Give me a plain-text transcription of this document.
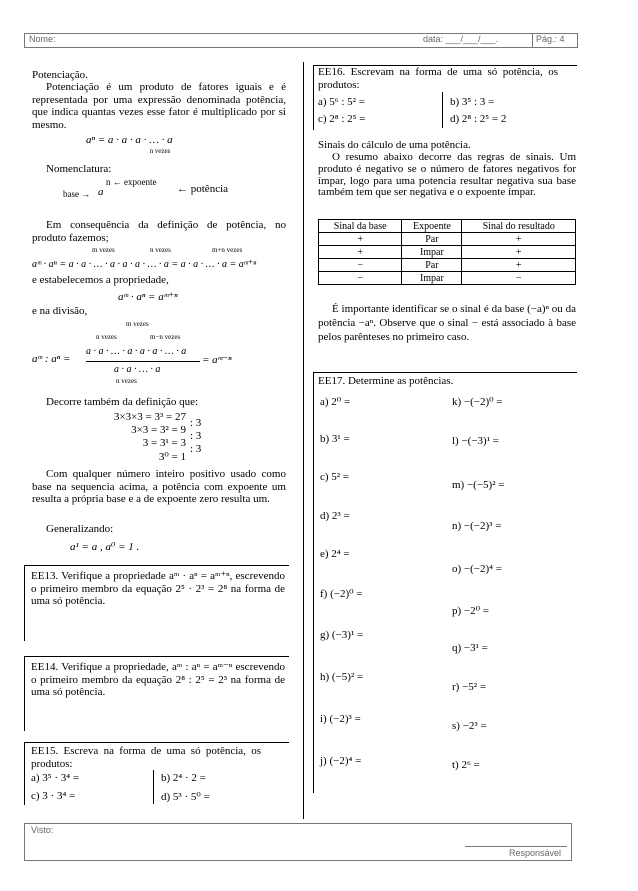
Nome:	data: ___/___/___.	Pág.: 4
Potenciação.
Potenciação é um produto de fatores iguais e é representada por uma expressão denominada potência, que indica quantas vezes esse fator é multiplicado por si mesmo.
aⁿ = a · a · a · … · a
n vezes
Nomenclatura:
base → a
n ← expoente
← potência
Em consequência da definição de potência, no produto fazemos;
m vezes	n vezes	m+n vezes
aᵐ · aⁿ = a · a · … · a · a · a · … · a = a · a · … · a = aᵐ⁺ⁿ
e estabelecemos a propriedade,
aᵐ · aⁿ = aᵐ⁺ⁿ
e na divisão,
m vezes
n vezes	m−n vezes
aᵐ : aⁿ =
a · a · … · a · a · a · … · a
a · a · … · a
n vezes
= aᵐ⁻ⁿ
Decorre também da definição que:
3×3×3 = 3³ = 27
3×3 = 3² = 9
3 = 3¹ = 3
3⁰ = 1
: 3
: 3
: 3
Com qualquer número inteiro positivo usado como base na sequencia acima, a potência com expoente um resulta a própria base e a de expoente zero resulta um.
Generalizando:
a¹ = a , a⁰ = 1 .
EE13. Verifique a propriedade aᵐ · aⁿ = aᵐ⁺ⁿ, escrevendo o primeiro membro da equação 2⁵ · 2³ = 2⁸ na forma de uma só potência.
EE14. Verifique a propriedade, aᵐ : aⁿ = aᵐ⁻ⁿ escrevendo o primeiro membro da equação 2⁸ : 2⁵ = 2³ na forma de uma só potência.
EE15. Escreva na forma de uma só potência, os produtos:
a) 3⁵ · 3⁴ =	b) 2⁴ · 2 =
c) 3 · 3⁴ =	d) 5³ · 5⁰ =
EE16. Escrevam na forma de uma só potência, os produtos:
a) 5⁶ : 5² =	b) 3⁵ : 3 =
c) 2⁸ : 2⁵ =	d) 2⁸ : 2⁵ = 2
Sinais do cálculo de uma potência.
O resumo abaixo decorre das regras de sinais. Um produto é negativo se o número de fatores negativos for ímpar, logo para uma potencia resultar negativa sua base também tem que ser negativa e o expoente ímpar.
Sinal da base	Expoente	Sinal do resultado
+	Par	+
+	Impar	+
−	Par	+
−	Impar	−
É importante identificar se o sinal é da base (−a)ⁿ ou da potência −aⁿ. Observe que o sinal − está associado à base pelos parênteses no primeiro caso.
EE17. Determine as potências.
a) 2⁰ =
b) 3¹ =
c) 5² =
d) 2³ =
e) 2⁴ =
f) (−2)⁰ =
g) (−3)¹ =
h) (−5)² =
i) (−2)³ =
j) (−2)⁴ =
k) −(−2)⁰ =
l) −(−3)¹ =
m) −(−5)² =
n) −(−2)³ =
o) −(−2)⁴ =
p) −2⁰ =
q) −3¹ =
r) −5² =
s) −2³ =
t) 2⁶ =
Visto:
Responsável
